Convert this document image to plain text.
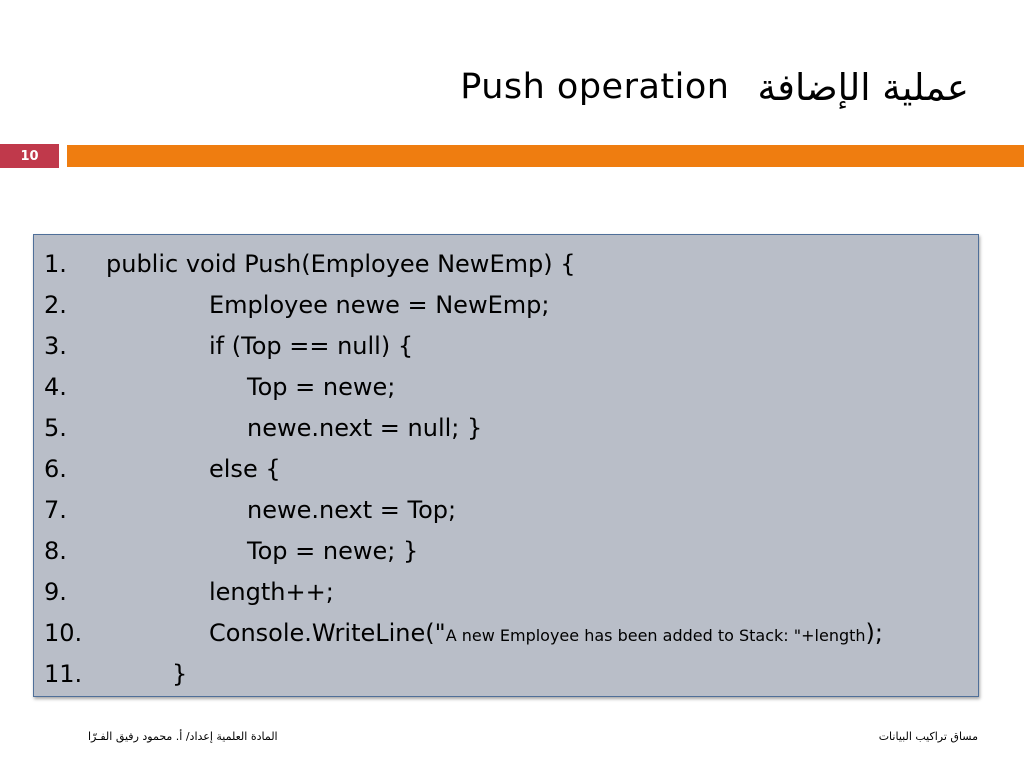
Push operation عملية الإضافة
10
1. public void Push(Employee NewEmp) {
2.	Employee newe = NewEmp;
3.	if (Top == null) {
4.	Top = newe;
5.	newe.next = null; }
6.	else {
7.	newe.next = Top;
8.	Top = newe; }
9.	length++;
10.	Console.WriteLine("A new Employee has been added to Stack: "+length);
11.	}
المادة العلمية إعداد/ أ. محمود رفيق الفـرّا	مساق تراكيب البيانات
